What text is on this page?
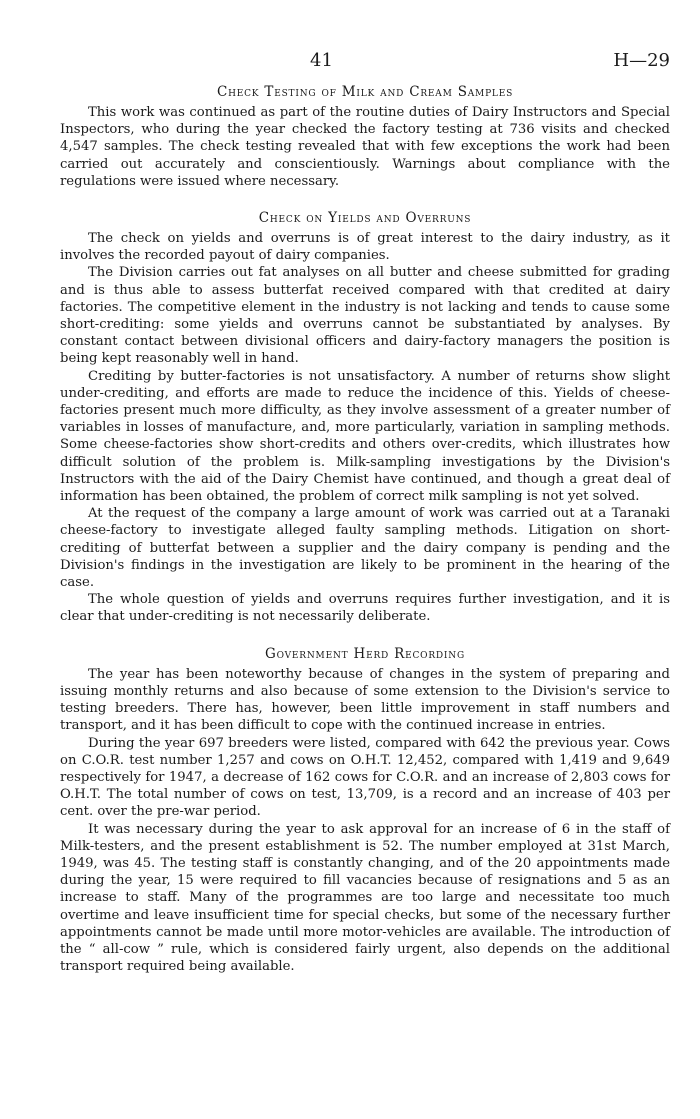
41	H—29
Check Testing of Milk and Cream Samples

This work was continued as part of the routine duties of Dairy Instructors and Special Inspectors, who during the year checked the factory testing at 736 visits and checked 4,547 samples. The check testing revealed that with few exceptions the work had been carried out accurately and conscientiously. Warnings about compliance with the regulations were issued where necessary.

Check on Yields and Overruns

The check on yields and overruns is of great interest to the dairy industry, as it involves the recorded payout of dairy companies.

The Division carries out fat analyses on all butter and cheese submitted for grading and is thus able to assess butterfat received compared with that credited at dairy factories. The competitive element in the industry is not lacking and tends to cause some short-crediting: some yields and overruns cannot be substantiated by analyses. By constant contact between divisional officers and dairy-factory managers the position is being kept reasonably well in hand.

Crediting by butter-factories is not unsatisfactory. A number of returns show slight under-crediting, and efforts are made to reduce the incidence of this. Yields of cheese-factories present much more difficulty, as they involve assessment of a greater number of variables in losses of manufacture, and, more particularly, variation in sampling methods. Some cheese-factories show short-credits and others over-credits, which illustrates how difficult solution of the problem is. Milk-sampling investigations by the Division's Instructors with the aid of the Dairy Chemist have continued, and though a great deal of information has been obtained, the problem of correct milk sampling is not yet solved.

At the request of the company a large amount of work was carried out at a Taranaki cheese-factory to investigate alleged faulty sampling methods. Litigation on short-crediting of butterfat between a supplier and the dairy company is pending and the Division's findings in the investigation are likely to be prominent in the hearing of the case.

The whole question of yields and overruns requires further investigation, and it is clear that under-crediting is not necessarily deliberate.

Government Herd Recording

The year has been noteworthy because of changes in the system of preparing and issuing monthly returns and also because of some extension to the Division's service to testing breeders. There has, however, been little improvement in staff numbers and transport, and it has been difficult to cope with the continued increase in entries.

During the year 697 breeders were listed, compared with 642 the previous year. Cows on C.O.R. test number 1,257 and cows on O.H.T. 12,452, compared with 1,419 and 9,649 respectively for 1947, a decrease of 162 cows for C.O.R. and an increase of 2,803 cows for O.H.T. The total number of cows on test, 13,709, is a record and an increase of 403 per cent. over the pre-war period.

It was necessary during the year to ask approval for an increase of 6 in the staff of Milk-testers, and the present establishment is 52. The number employed at 31st March, 1949, was 45. The testing staff is constantly changing, and of the 20 appointments made during the year, 15 were required to fill vacancies because of resignations and 5 as an increase to staff. Many of the programmes are too large and necessitate too much overtime and leave insufficient time for special checks, but some of the necessary further appointments cannot be made until more motor-vehicles are available. The introduction of the “ all-cow ” rule, which is considered fairly urgent, also depends on the additional transport required being available.
